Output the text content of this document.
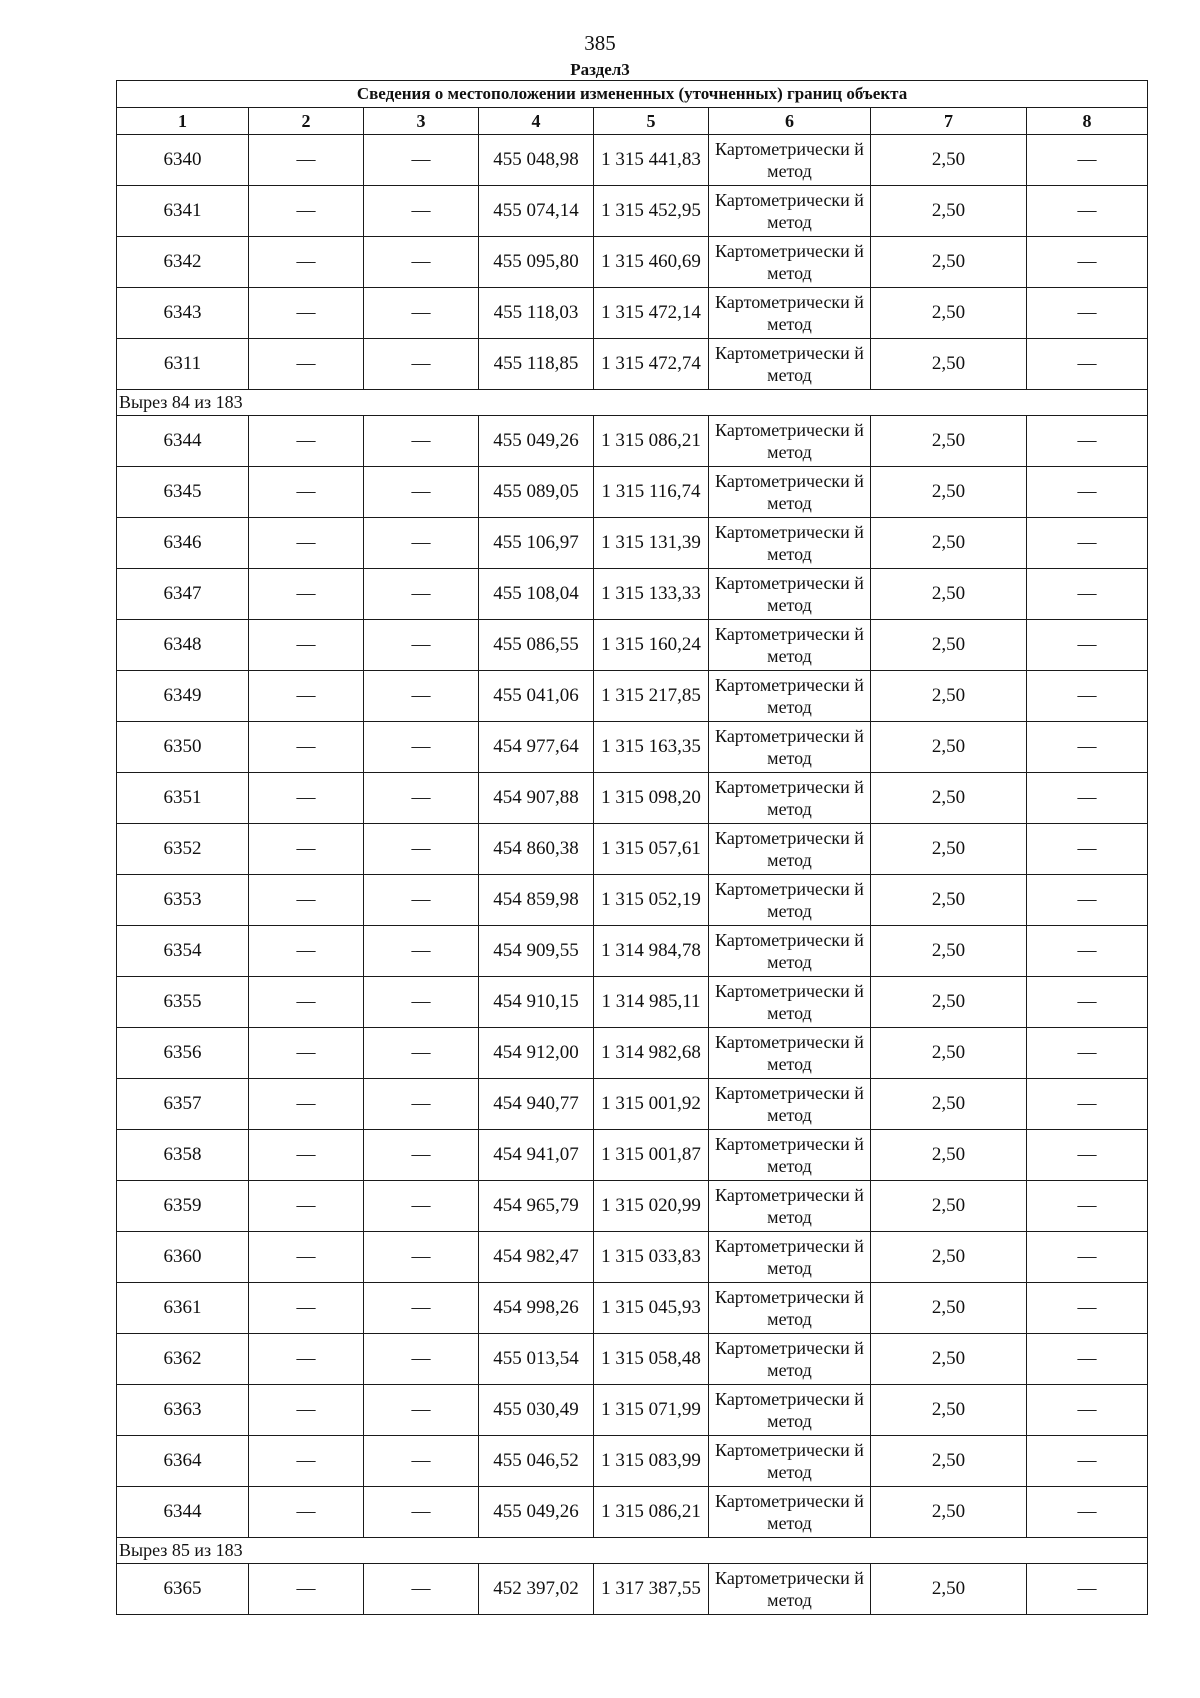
385
Раздел3
Сведения о местоположении измененных (уточненных) границ объекта							
1	2	3	4	5	6	7	8
6340	—	—	455 048,98	1 315 441,83	Картометрически й метод	2,50	—
6341	—	—	455 074,14	1 315 452,95	Картометрически й метод	2,50	—
6342	—	—	455 095,80	1 315 460,69	Картометрически й метод	2,50	—
6343	—	—	455 118,03	1 315 472,14	Картометрически й метод	2,50	—
6311	—	—	455 118,85	1 315 472,74	Картометрически й метод	2,50	—
Вырез 84 из 183							
6344	—	—	455 049,26	1 315 086,21	Картометрически й метод	2,50	—
6345	—	—	455 089,05	1 315 116,74	Картометрически й метод	2,50	—
6346	—	—	455 106,97	1 315 131,39	Картометрически й метод	2,50	—
6347	—	—	455 108,04	1 315 133,33	Картометрически й метод	2,50	—
6348	—	—	455 086,55	1 315 160,24	Картометрически й метод	2,50	—
6349	—	—	455 041,06	1 315 217,85	Картометрически й метод	2,50	—
6350	—	—	454 977,64	1 315 163,35	Картометрически й метод	2,50	—
6351	—	—	454 907,88	1 315 098,20	Картометрически й метод	2,50	—
6352	—	—	454 860,38	1 315 057,61	Картометрически й метод	2,50	—
6353	—	—	454 859,98	1 315 052,19	Картометрически й метод	2,50	—
6354	—	—	454 909,55	1 314 984,78	Картометрически й метод	2,50	—
6355	—	—	454 910,15	1 314 985,11	Картометрически й метод	2,50	—
6356	—	—	454 912,00	1 314 982,68	Картометрически й метод	2,50	—
6357	—	—	454 940,77	1 315 001,92	Картометрически й метод	2,50	—
6358	—	—	454 941,07	1 315 001,87	Картометрически й метод	2,50	—
6359	—	—	454 965,79	1 315 020,99	Картометрически й метод	2,50	—
6360	—	—	454 982,47	1 315 033,83	Картометрически й метод	2,50	—
6361	—	—	454 998,26	1 315 045,93	Картометрически й метод	2,50	—
6362	—	—	455 013,54	1 315 058,48	Картометрически й метод	2,50	—
6363	—	—	455 030,49	1 315 071,99	Картометрически й метод	2,50	—
6364	—	—	455 046,52	1 315 083,99	Картометрически й метод	2,50	—
6344	—	—	455 049,26	1 315 086,21	Картометрически й метод	2,50	—
Вырез 85 из 183							
6365	—	—	452 397,02	1 317 387,55	Картометрически й метод	2,50	—
